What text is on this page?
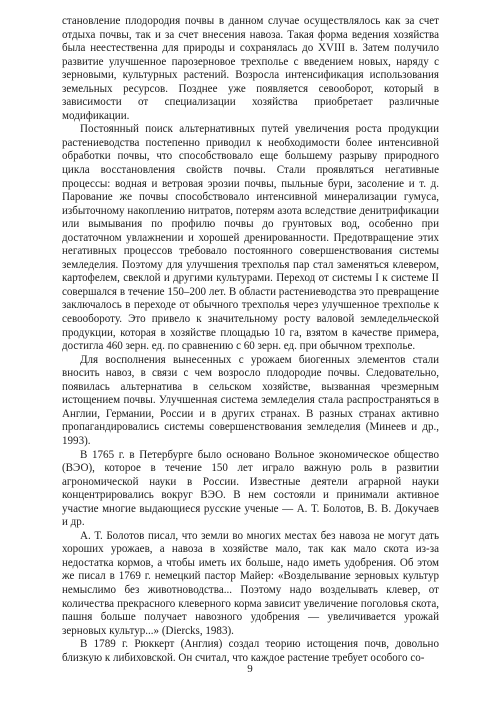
становление плодородия почвы в данном случае осуществлялось как за счет отдыха почвы, так и за счет внесения навоза. Такая форма ведения хозяйства была неестественна для природы и сохранялась до XVIII в. Затем получило развитие улучшенное парозерновое трехполье с введением новых, наряду с зерновыми, культурных растений. Возросла интенсификация использования земельных ресурсов. Позднее уже появляется севооборот, который в зависимости от специализации хозяйства приобретает различные модификации.

Постоянный поиск альтернативных путей увеличения роста продукции растениеводства постепенно приводил к необходимости более интенсивной обработки почвы, что способствовало еще большему разрыву природного цикла восстановления свойств почвы. Стали проявляться негативные процессы: водная и ветровая эрозии почвы, пыльные бури, засоление и т. д. Парование же почвы способствовало интенсивной минерализации гумуса, избыточному накоплению нитратов, потерям азота вследствие денитрификации или вымывания по профилю почвы до грунтовых вод, особенно при достаточном увлажнении и хорошей дренированности. Предотвращение этих негативных процессов требовало постоянного совершенствования системы земледелия. Поэтому для улучшения трехполья пар стал заменяться клевером, картофелем, свеклой и другими культурами. Переход от системы I к системе II совершался в течение 150–200 лет. В области растениеводства это превращение заключалось в переходе от обычного трехполья через улучшенное трехполье к севообороту. Это привело к значительному росту валовой земледельческой продукции, которая в хозяйстве площадью 10 га, взятом в качестве примера, достигла 460 зерн. ед. по сравнению с 60 зерн. ед. при обычном трехполье.

Для восполнения вынесенных с урожаем биогенных элементов стали вносить навоз, в связи с чем возросло плодородие почвы. Следовательно, появилась альтернатива в сельском хозяйстве, вызванная чрезмерным истощением почвы. Улучшенная система земледелия стала распространяться в Англии, Германии, России и в других странах. В разных странах активно пропагандировались системы совершенствования земледелия (Минеев и др., 1993).

В 1765 г. в Петербурге было основано Вольное экономическое общество (ВЭО), которое в течение 150 лет играло важную роль в развитии агрономической науки в России. Известные деятели аграрной науки концентрировались вокруг ВЭО. В нем состояли и принимали активное участие многие выдающиеся русские ученые — А. Т. Болотов, В. В. Докучаев и др.

А. Т. Болотов писал, что земли во многих местах без навоза не могут дать хороших урожаев, а навоза в хозяйстве мало, так как мало скота из-за недостатка кормов, а чтобы иметь их больше, надо иметь удобрения. Об этом же писал в 1769 г. немецкий пастор Майер: «Возделывание зерновых культур немыслимо без животноводства... Поэтому надо возделывать клевер, от количества прекрасного клеверного корма зависит увеличение поголовья скота, пашня больше получает навозного удобрения — увеличивается урожай зерновых культур...» (Diercks, 1983).

В 1789 г. Рюккерт (Англия) создал теорию истощения почв, довольно близкую к либиховской. Он считал, что каждое растение требует особого со-

9
